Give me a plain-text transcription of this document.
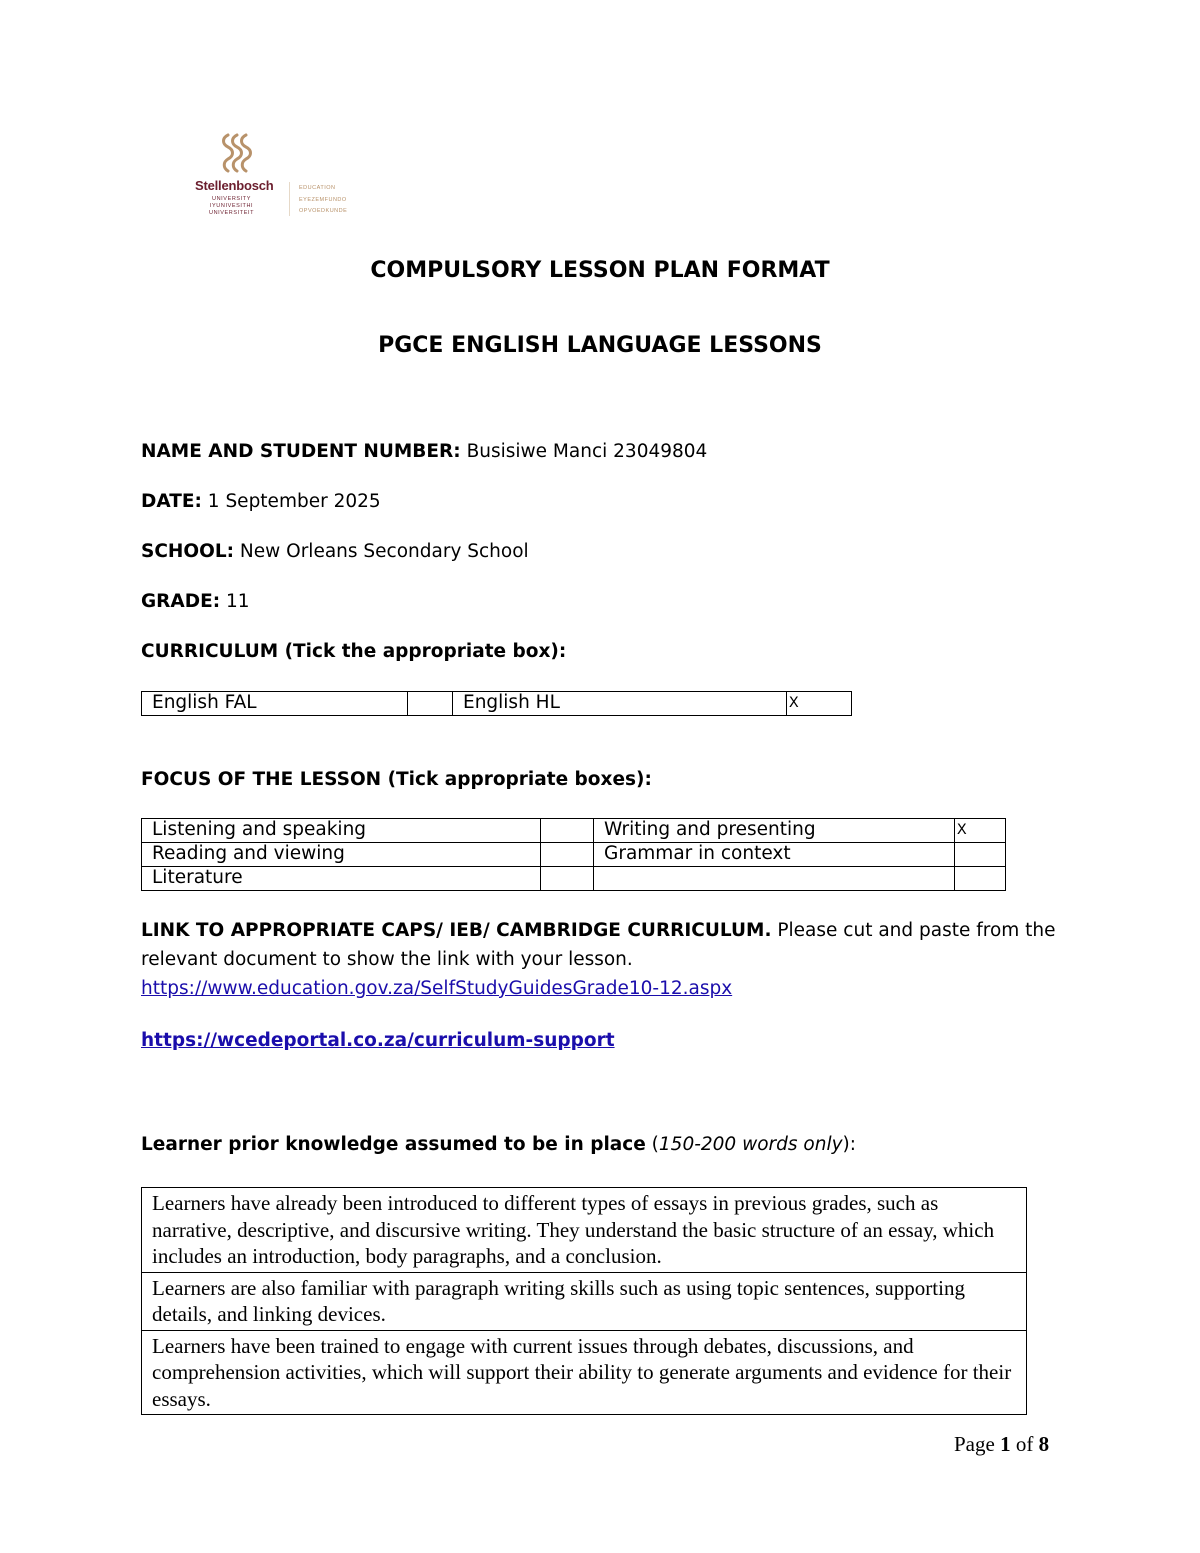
Stellenbosch
UNIVERSITY
IYUNIVESITHI
UNIVERSITEIT
EDUCATION
EYEZEMFUNDO
OPVOEDKUNDE
COMPULSORY LESSON PLAN FORMAT
PGCE ENGLISH LANGUAGE LESSONS
NAME AND STUDENT NUMBER: Busisiwe Manci 23049804
DATE: 1 September 2025
SCHOOL: New Orleans Secondary School
GRADE: 11
CURRICULUM (Tick the appropriate box):
English FAL		English HL	X
FOCUS OF THE LESSON (Tick appropriate boxes):
Listening and speaking		Writing and presenting	X
Reading and viewing		Grammar in context	
Literature			
LINK TO APPROPRIATE CAPS/ IEB/ CAMBRIDGE CURRICULUM. Please cut and paste from the relevant document to show the link with your lesson.
https://www.education.gov.za/SelfStudyGuidesGrade10-12.aspx
https://wcedeportal.co.za/curriculum-support
Learner prior knowledge assumed to be in place (150-200 words only):
Learners have already been introduced to different types of essays in previous grades, such as narrative, descriptive, and discursive writing. They understand the basic structure of an essay, which includes an introduction, body paragraphs, and a conclusion.
Learners are also familiar with paragraph writing skills such as using topic sentences, supporting details, and linking devices.
Learners have been trained to engage with current issues through debates, discussions, and comprehension activities, which will support their ability to generate arguments and evidence for their essays.
Page 1 of 8
